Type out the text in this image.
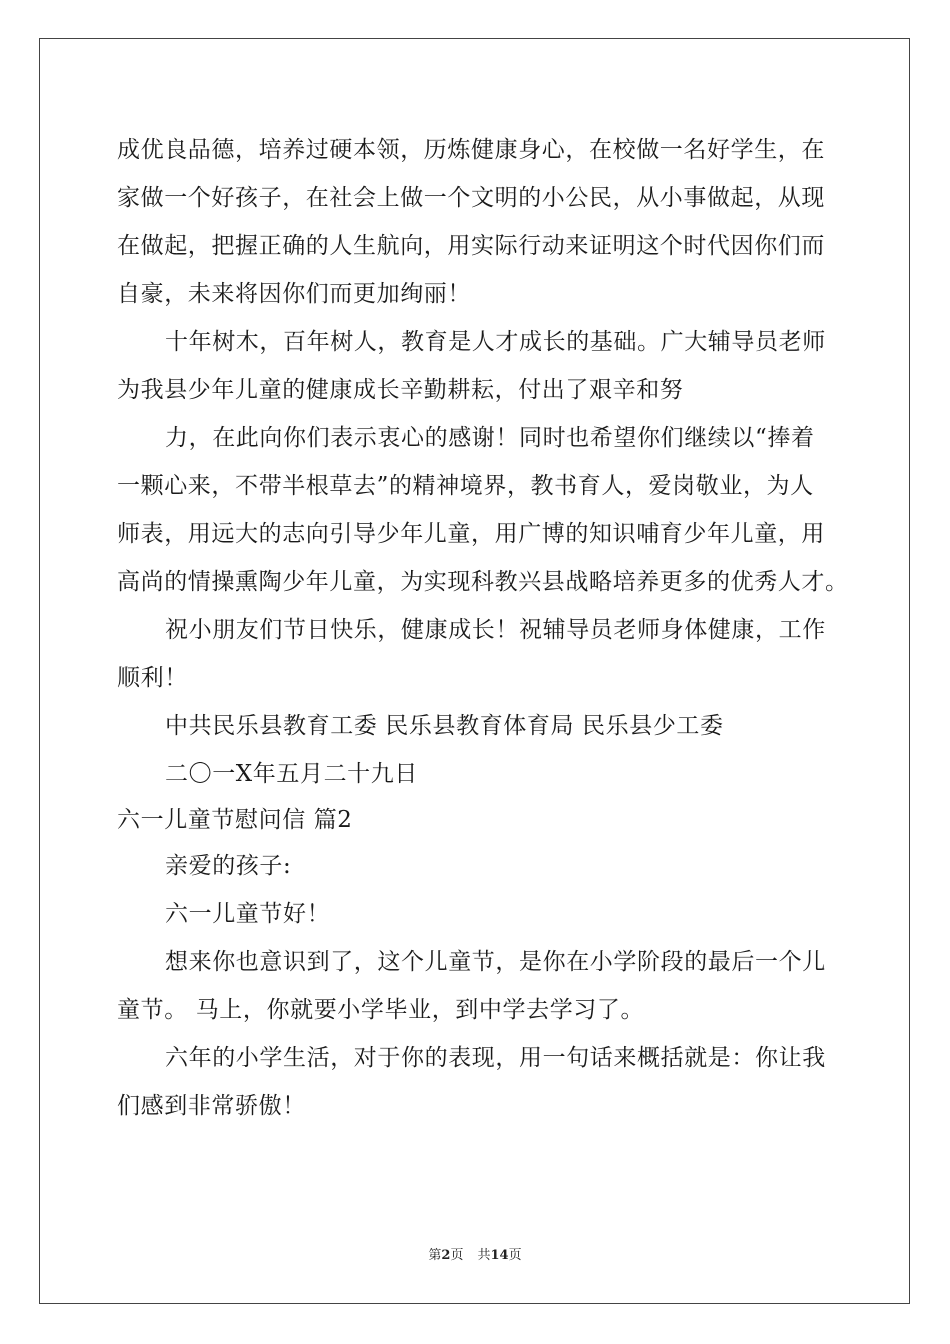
成优良品德，培养过硬本领，历炼健康身心，在校做一名好学生，在
家做一个好孩子，在社会上做一个文明的小公民，从小事做起，从现
在做起，把握正确的人生航向，用实际行动来证明这个时代因你们而
自豪，未来将因你们而更加绚丽！
十年树木，百年树人，教育是人才成长的基础。广大辅导员老师
为我县少年儿童的健康成长辛勤耕耘，付出了艰辛和努
力，在此向你们表示衷心的感谢！同时也希望你们继续以“捧着
一颗心来，不带半根草去”的精神境界，教书育人，爱岗敬业，为人
师表，用远大的志向引导少年儿童，用广博的知识哺育少年儿童，用
高尚的情操熏陶少年儿童，为实现科教兴县战略培养更多的优秀人才。
祝小朋友们节日快乐，健康成长！祝辅导员老师身体健康，工作
顺利！
中共民乐县教育工委 民乐县教育体育局 民乐县少工委
二〇一X年五月二十九日
六一儿童节慰问信 篇2
亲爱的孩子:
六一儿童节好！
想来你也意识到了，这个儿童节，是你在小学阶段的最后一个儿
童节。 马上，你就要小学毕业，到中学去学习了。
六年的小学生活，对于你的表现，用一句话来概括就是：你让我
们感到非常骄傲！
第2页 共14页
